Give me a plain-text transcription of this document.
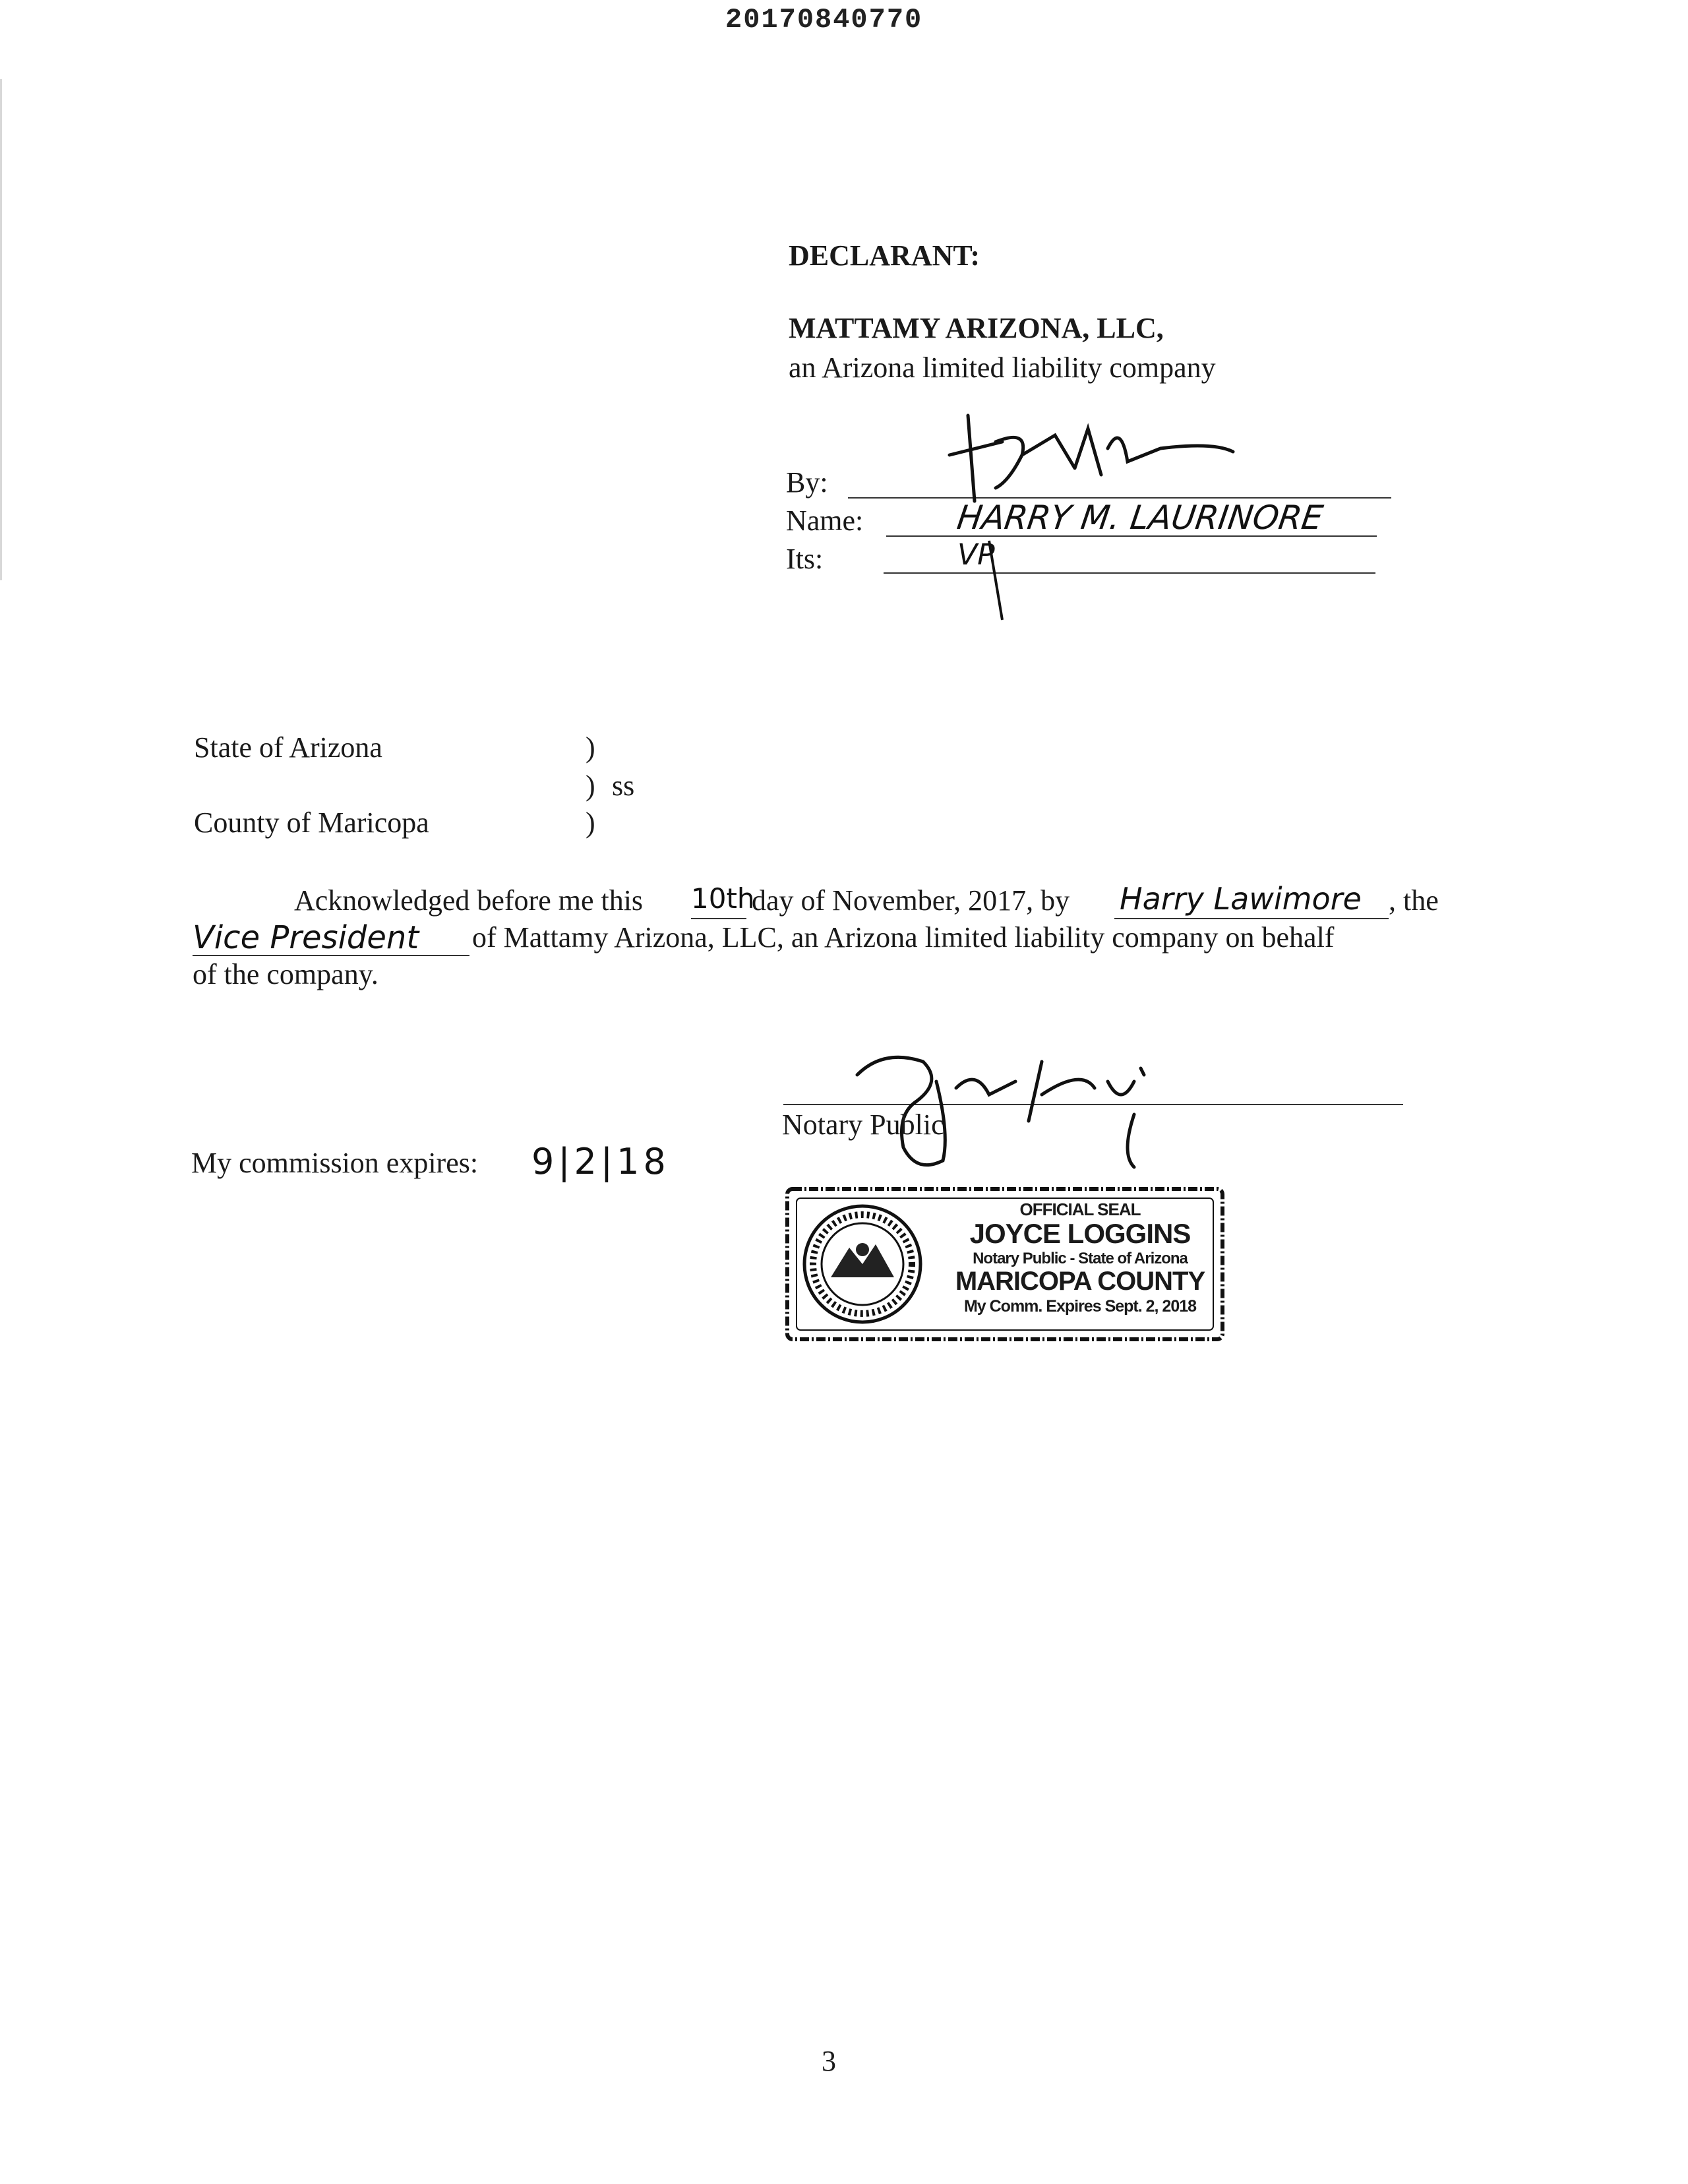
20170840770
DECLARANT:
MATTAMY ARIZONA, LLC,
an Arizona limited liability company
By:
Name:
Its:
HARRY M. LAURINORE
VP
State of Arizona
County of Maricopa
)
) ss
)
Acknowledged before me this 10th
day of November, 2017, by Harry Lawimore , the
Vice President of Mattamy Arizona, LLC, an Arizona limited liability company on behalf
of the company.
Notary Public
My commission expires: 9|2|18
OFFICIAL SEAL
JOYCE LOGGINS
Notary Public - State of Arizona
MARICOPA COUNTY
My Comm. Expires Sept. 2, 2018
3
